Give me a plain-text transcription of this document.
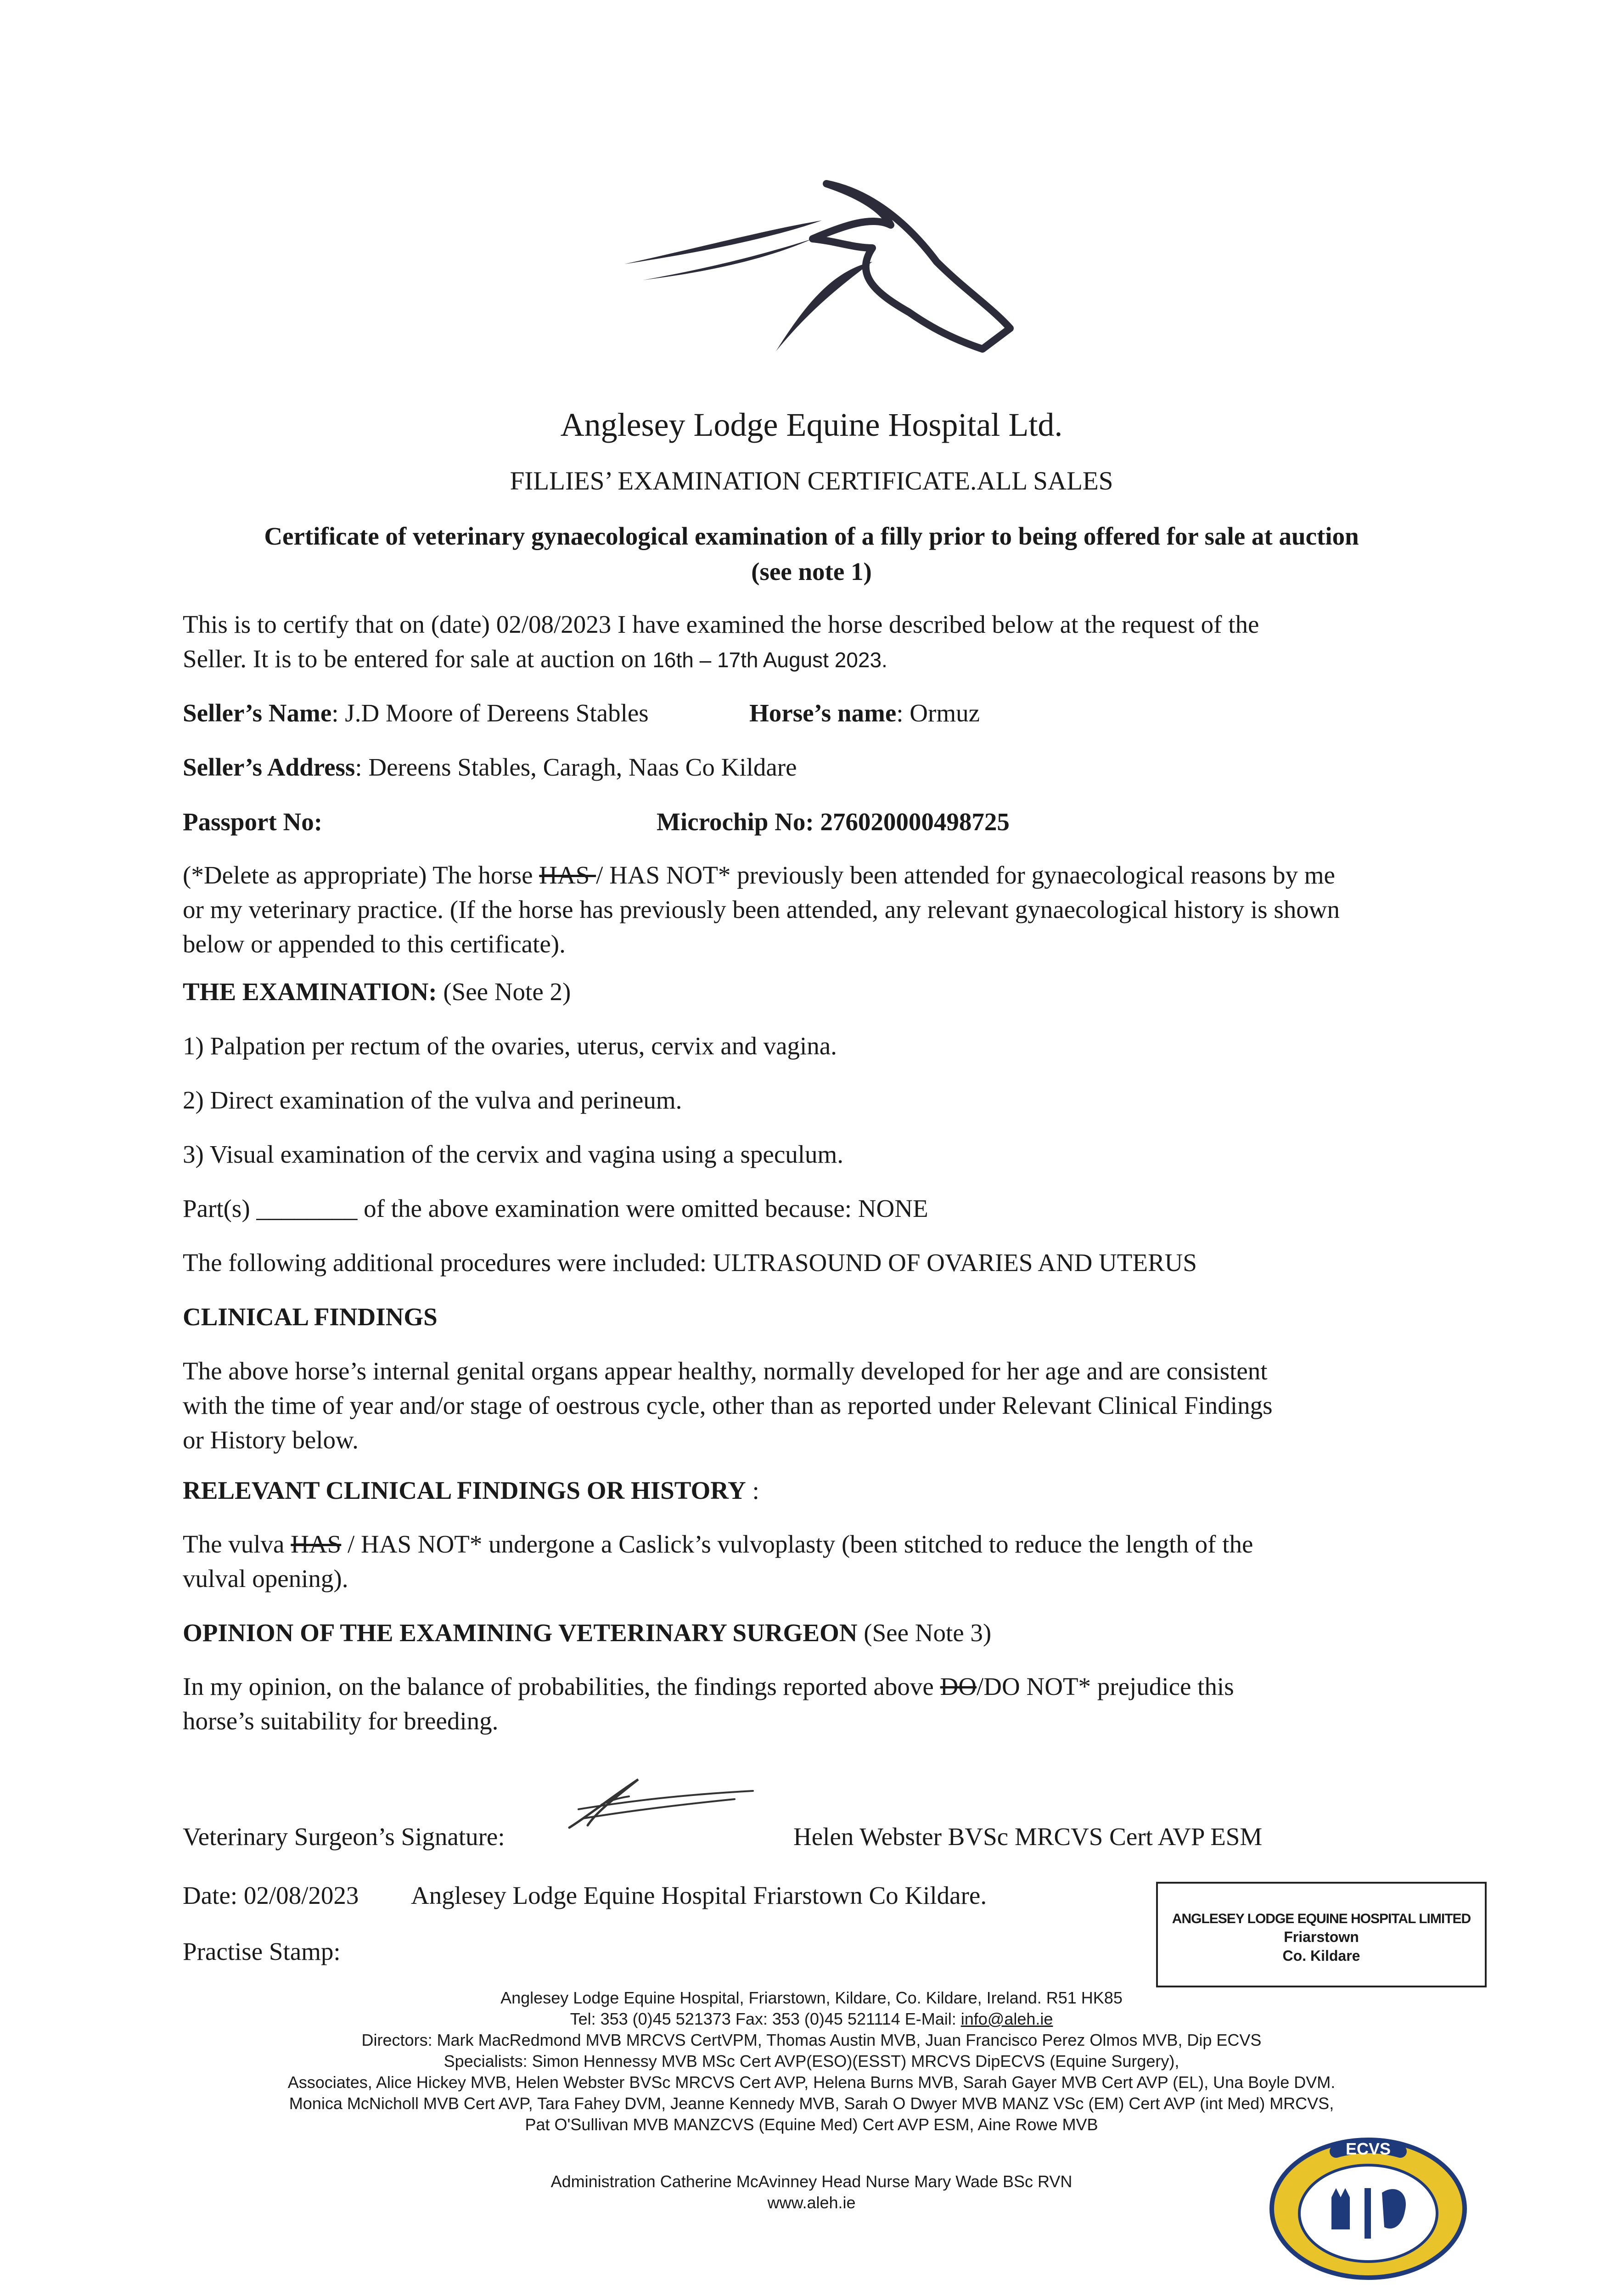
Anglesey Lodge Equine Hospital Ltd.
FILLIES’ EXAMINATION CERTIFICATE.ALL SALES
Certificate of veterinary gynaecological examination of a filly prior to being offered for sale at auction
(see note 1)
This is to certify that on (date) 02/08/2023 I have examined the horse described below at the request of the
Seller. It is to be entered for sale at auction on 16th – 17th August 2023.
Seller’s Name: J.D Moore of Dereens Stables	Horse’s name: Ormuz
Seller’s Address: Dereens Stables, Caragh, Naas Co Kildare
Passport No:	Microchip No: 276020000498725
(*Delete as appropriate) The horse HAS / HAS NOT* previously been attended for gynaecological reasons by me
or my veterinary practice. (If the horse has previously been attended, any relevant gynaecological history is shown
below or appended to this certificate).
THE EXAMINATION: (See Note 2)
1) Palpation per rectum of the ovaries, uterus, cervix and vagina.
2) Direct examination of the vulva and perineum.
3) Visual examination of the cervix and vagina using a speculum.
Part(s) ________ of the above examination were omitted because: NONE
The following additional procedures were included: ULTRASOUND OF OVARIES AND UTERUS
CLINICAL FINDINGS
The above horse’s internal genital organs appear healthy, normally developed for her age and are consistent
with the time of year and/or stage of oestrous cycle, other than as reported under Relevant Clinical Findings
or History below.
RELEVANT CLINICAL FINDINGS OR HISTORY :
The vulva HAS / HAS NOT* undergone a Caslick’s vulvoplasty (been stitched to reduce the length of the
vulval opening).
OPINION OF THE EXAMINING VETERINARY SURGEON (See Note 3)
In my opinion, on the balance of probabilities, the findings reported above DO/DO NOT* prejudice this
horse’s suitability for breeding.
Veterinary Surgeon’s Signature:	Helen Webster BVSc MRCVS Cert AVP ESM
Date: 02/08/2023 Anglesey Lodge Equine Hospital Friarstown Co Kildare.
Practise Stamp:
ANGLESEY LODGE EQUINE HOSPITAL LIMITED
Friarstown
Co. Kildare
Anglesey Lodge Equine Hospital, Friarstown, Kildare, Co. Kildare, Ireland. R51 HK85
Tel: 353 (0)45 521373 Fax: 353 (0)45 521114 E-Mail: info@aleh.ie
Directors: Mark MacRedmond MVB MRCVS CertVPM, Thomas Austin MVB, Juan Francisco Perez Olmos MVB, Dip ECVS
Specialists: Simon Hennessy MVB MSc Cert AVP(ESO)(ESST) MRCVS DipECVS (Equine Surgery),
Associates, Alice Hickey MVB, Helen Webster BVSc MRCVS Cert AVP, Helena Burns MVB, Sarah Gayer MVB Cert AVP (EL), Una Boyle DVM.
Monica McNicholl MVB Cert AVP, Tara Fahey DVM, Jeanne Kennedy MVB, Sarah O Dwyer MVB MANZ VSc (EM) Cert AVP (int Med) MRCVS,
Pat O'Sullivan MVB MANZCVS (Equine Med) Cert AVP ESM, Aine Rowe MVB
Administration Catherine McAvinney Head Nurse Mary Wade BSc RVN
www.aleh.ie
ECVS
